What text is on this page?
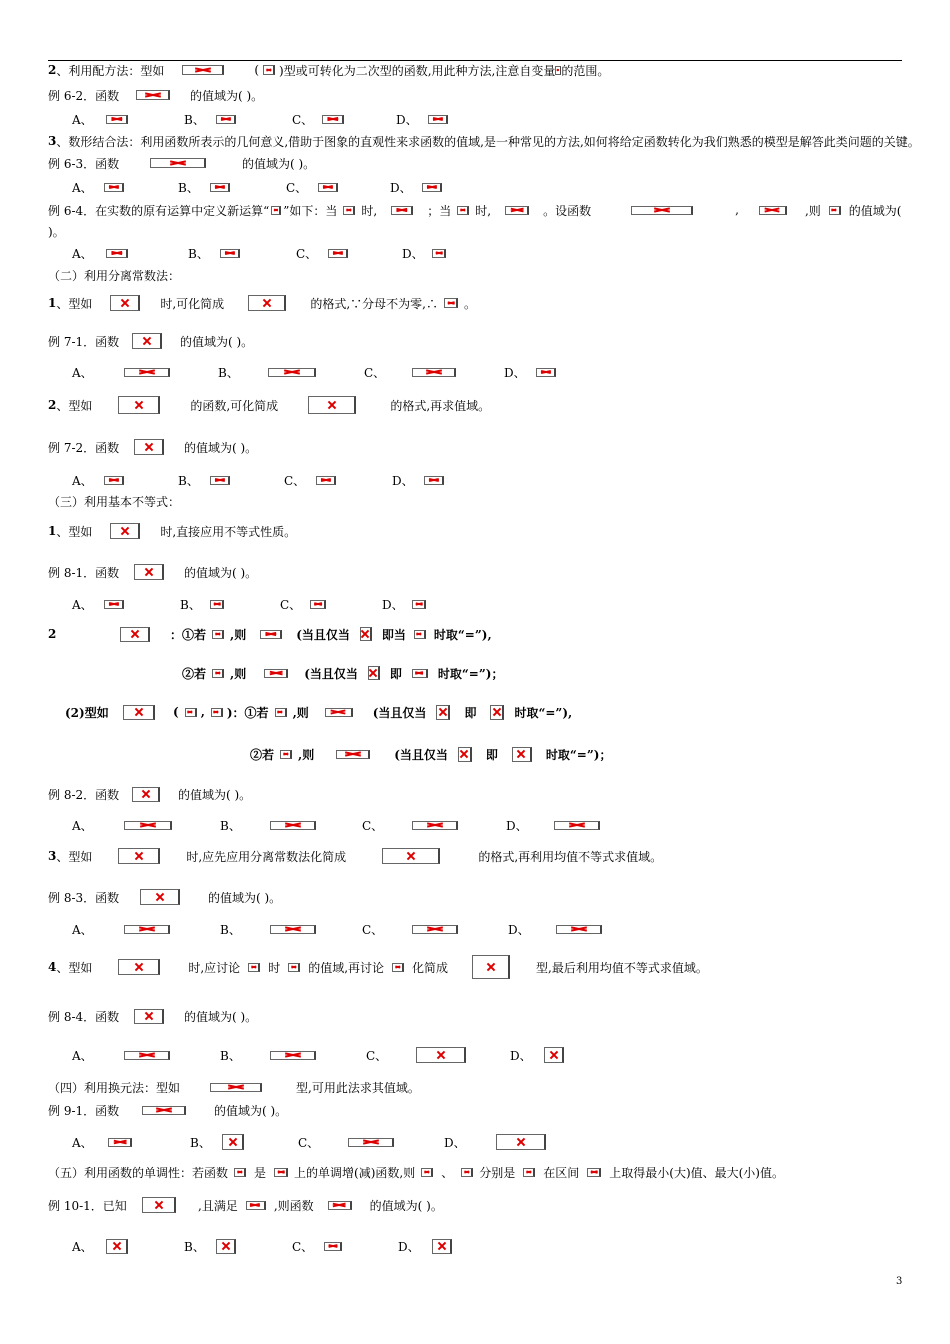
2 、利用配方法：型如	( )型或可转化为二次型的函数,用此种方法,注意自变量 的范围。
例 6-2．函数	的值域为( )。
A、	B、	C、	D、
3 、数形结合法：利用函数所表示的几何意义,借助于图象的直观性来求函数的值域,是一种常见的方法,如何将给定函数转化为我们熟悉的模型是解答此类问题的关键。
例 6-3．函数	的值域为( )。
A、	B、	C、	D、
例 6-4．在实数的原有运算中定义新运算“ ”如下：当 时,	；当 时,	。设函数	,	,则 的值域为(
)。
A、	B、	C、	D、
（二）利用分离常数法：
1 、型如	时,可化简成	的格式,∵分母不为零,∴ 。
例 7-1．函数	的值域为( )。
A、	B、	C、	D、
2 、型如	的函数,可化简成	的格式,再求值域。
例 7-2．函数	的值域为( )。
A、	B、	C、	D、
（三）利用基本不等式：
1 、型如	时,直接应用不等式性质。
例 8-1．函数	的值域为( )。
A、	B、	C、	D、
2	：①若 ,则	(当且仅当	即当 时取“=”),
②若 ,则	(当且仅当	即	时取“=”)；
(2)型如	( , )：①若 ,则	(当且仅当	即	时取“=”),
②若 ,则	(当且仅当	即	时取“=”)；
例 8-2．函数	的值域为( )。
A、	B、	C、	D、
3 、型如	时,应先应用分离常数法化简成	的格式,再利用均值不等式求值域。
例 8-3．函数	的值域为( )。
A、	B、	C、	D、
4 、型如	时,应讨论 时 的值域,再讨论 化简成	型,最后利用均值不等式求值域。
例 8-4．函数	的值域为( )。
A、	B、	C、	D、
（四）利用换元法：型如	型,可用此法求其值域。
例 9-1．函数	的值域为( )。
A、	B、	C、	D、
（五）利用函数的单调性：若函数 是 上的单调增(减)函数,则 、 分别是 在区间	上取得最小(大)值、最大(小)值。
例 10-1．已知	,且满足	,则函数	的值域为( )。
A、	B、	C、	D、
3
